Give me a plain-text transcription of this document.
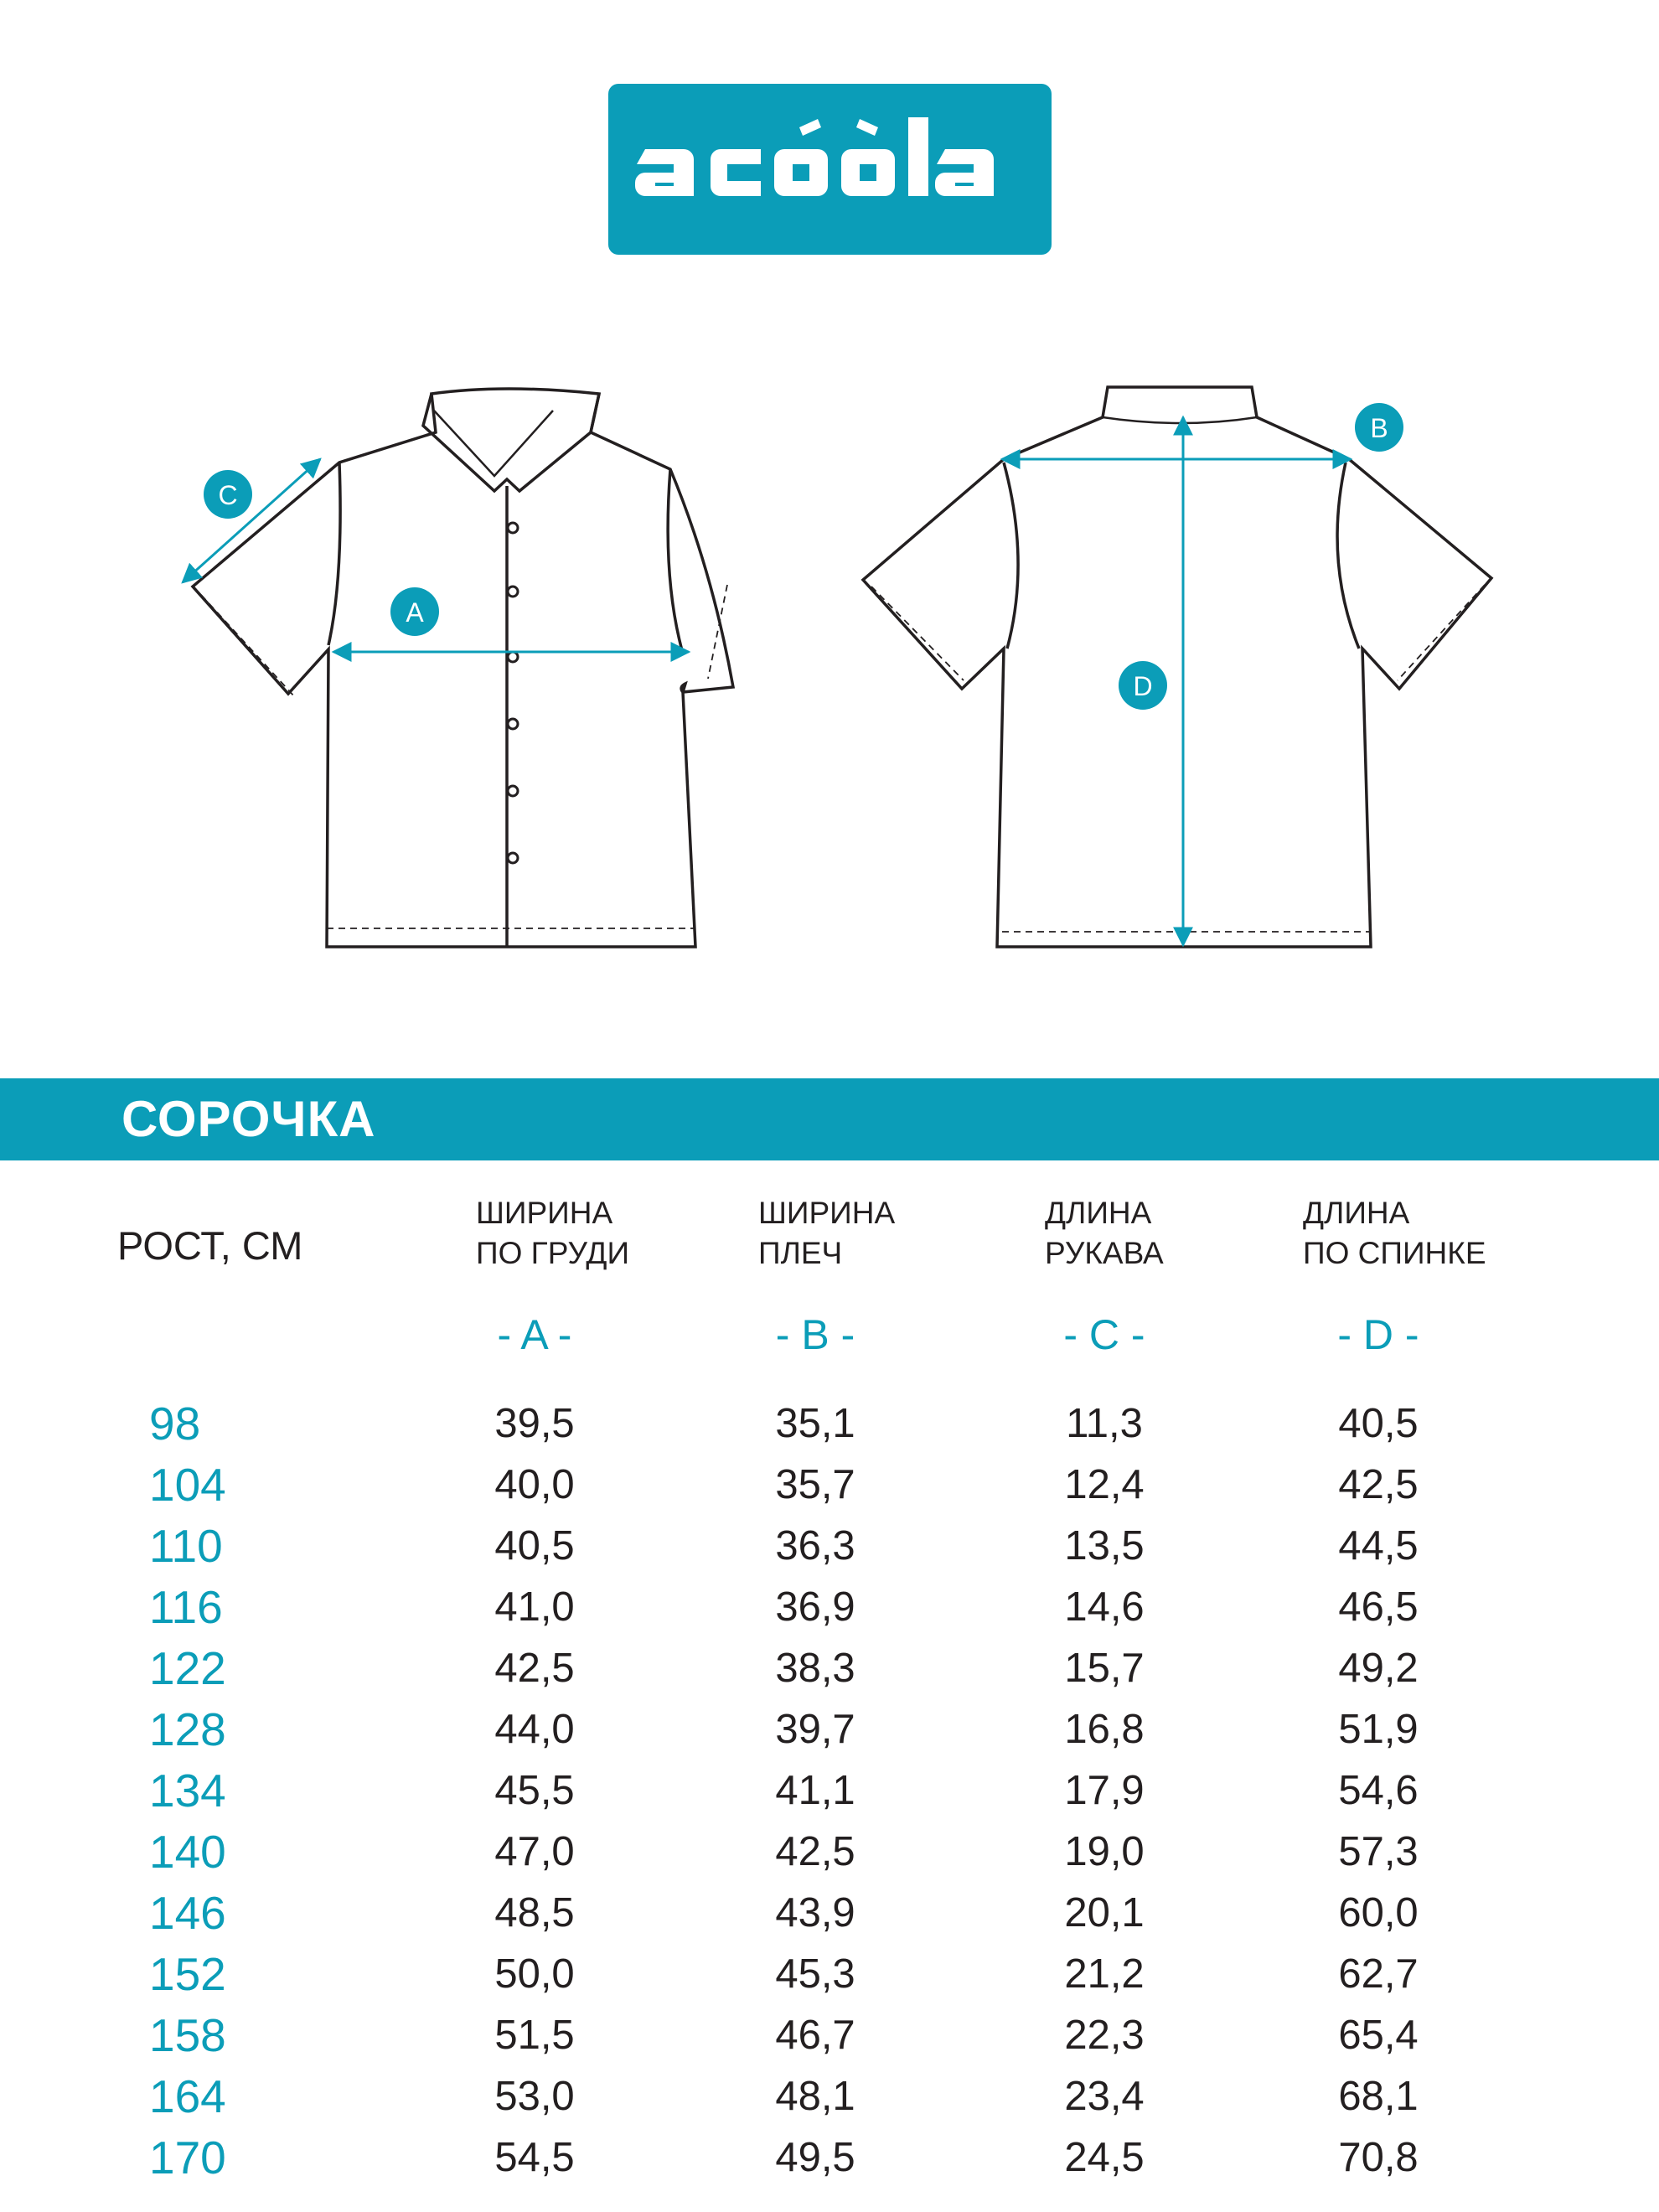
A
C
B
D
СОРОЧКА
РОСТ, СМ
ШИРИНА
ПО ГРУДИ
ШИРИНА
ПЛЕЧ
ДЛИНА
РУКАВА
ДЛИНА
ПО СПИНКЕ
- A -	- B -	- C -	- D -
98	39,5	35,1	11,3	40,5
104	40,0	35,7	12,4	42,5
110	40,5	36,3	13,5	44,5
116	41,0	36,9	14,6	46,5
122	42,5	38,3	15,7	49,2
128	44,0	39,7	16,8	51,9
134	45,5	41,1	17,9	54,6
140	47,0	42,5	19,0	57,3
146	48,5	43,9	20,1	60,0
152	50,0	45,3	21,2	62,7
158	51,5	46,7	22,3	65,4
164	53,0	48,1	23,4	68,1
170	54,5	49,5	24,5	70,8
